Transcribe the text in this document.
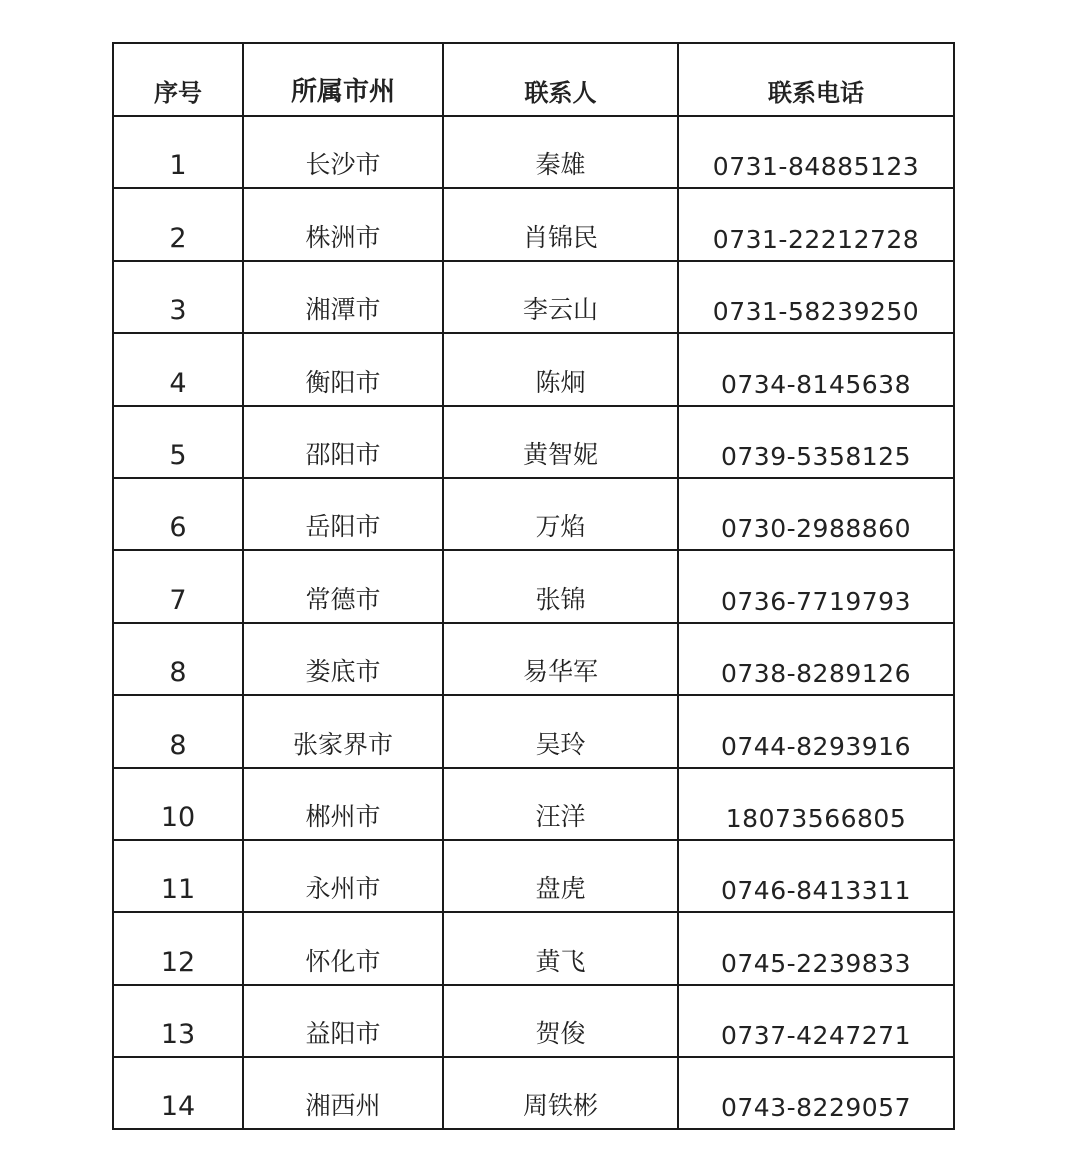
序号	所属市州	联系人	联系电话
1	长沙市	秦雄	0731-84885123
2	株洲市	肖锦民	0731-22212728
3	湘潭市	李云山	0731-58239250
4	衡阳市	陈炯	0734-8145638
5	邵阳市	黄智妮	0739-5358125
6	岳阳市	万焰	0730-2988860
7	常德市	张锦	0736-7719793
8	娄底市	易华军	0738-8289126
8	张家界市	吴玲	0744-8293916
10	郴州市	汪洋	18073566805
11	永州市	盘虎	0746-8413311
12	怀化市	黄飞	0745-2239833
13	益阳市	贺俊	0737-4247271
14	湘西州	周铁彬	0743-8229057
